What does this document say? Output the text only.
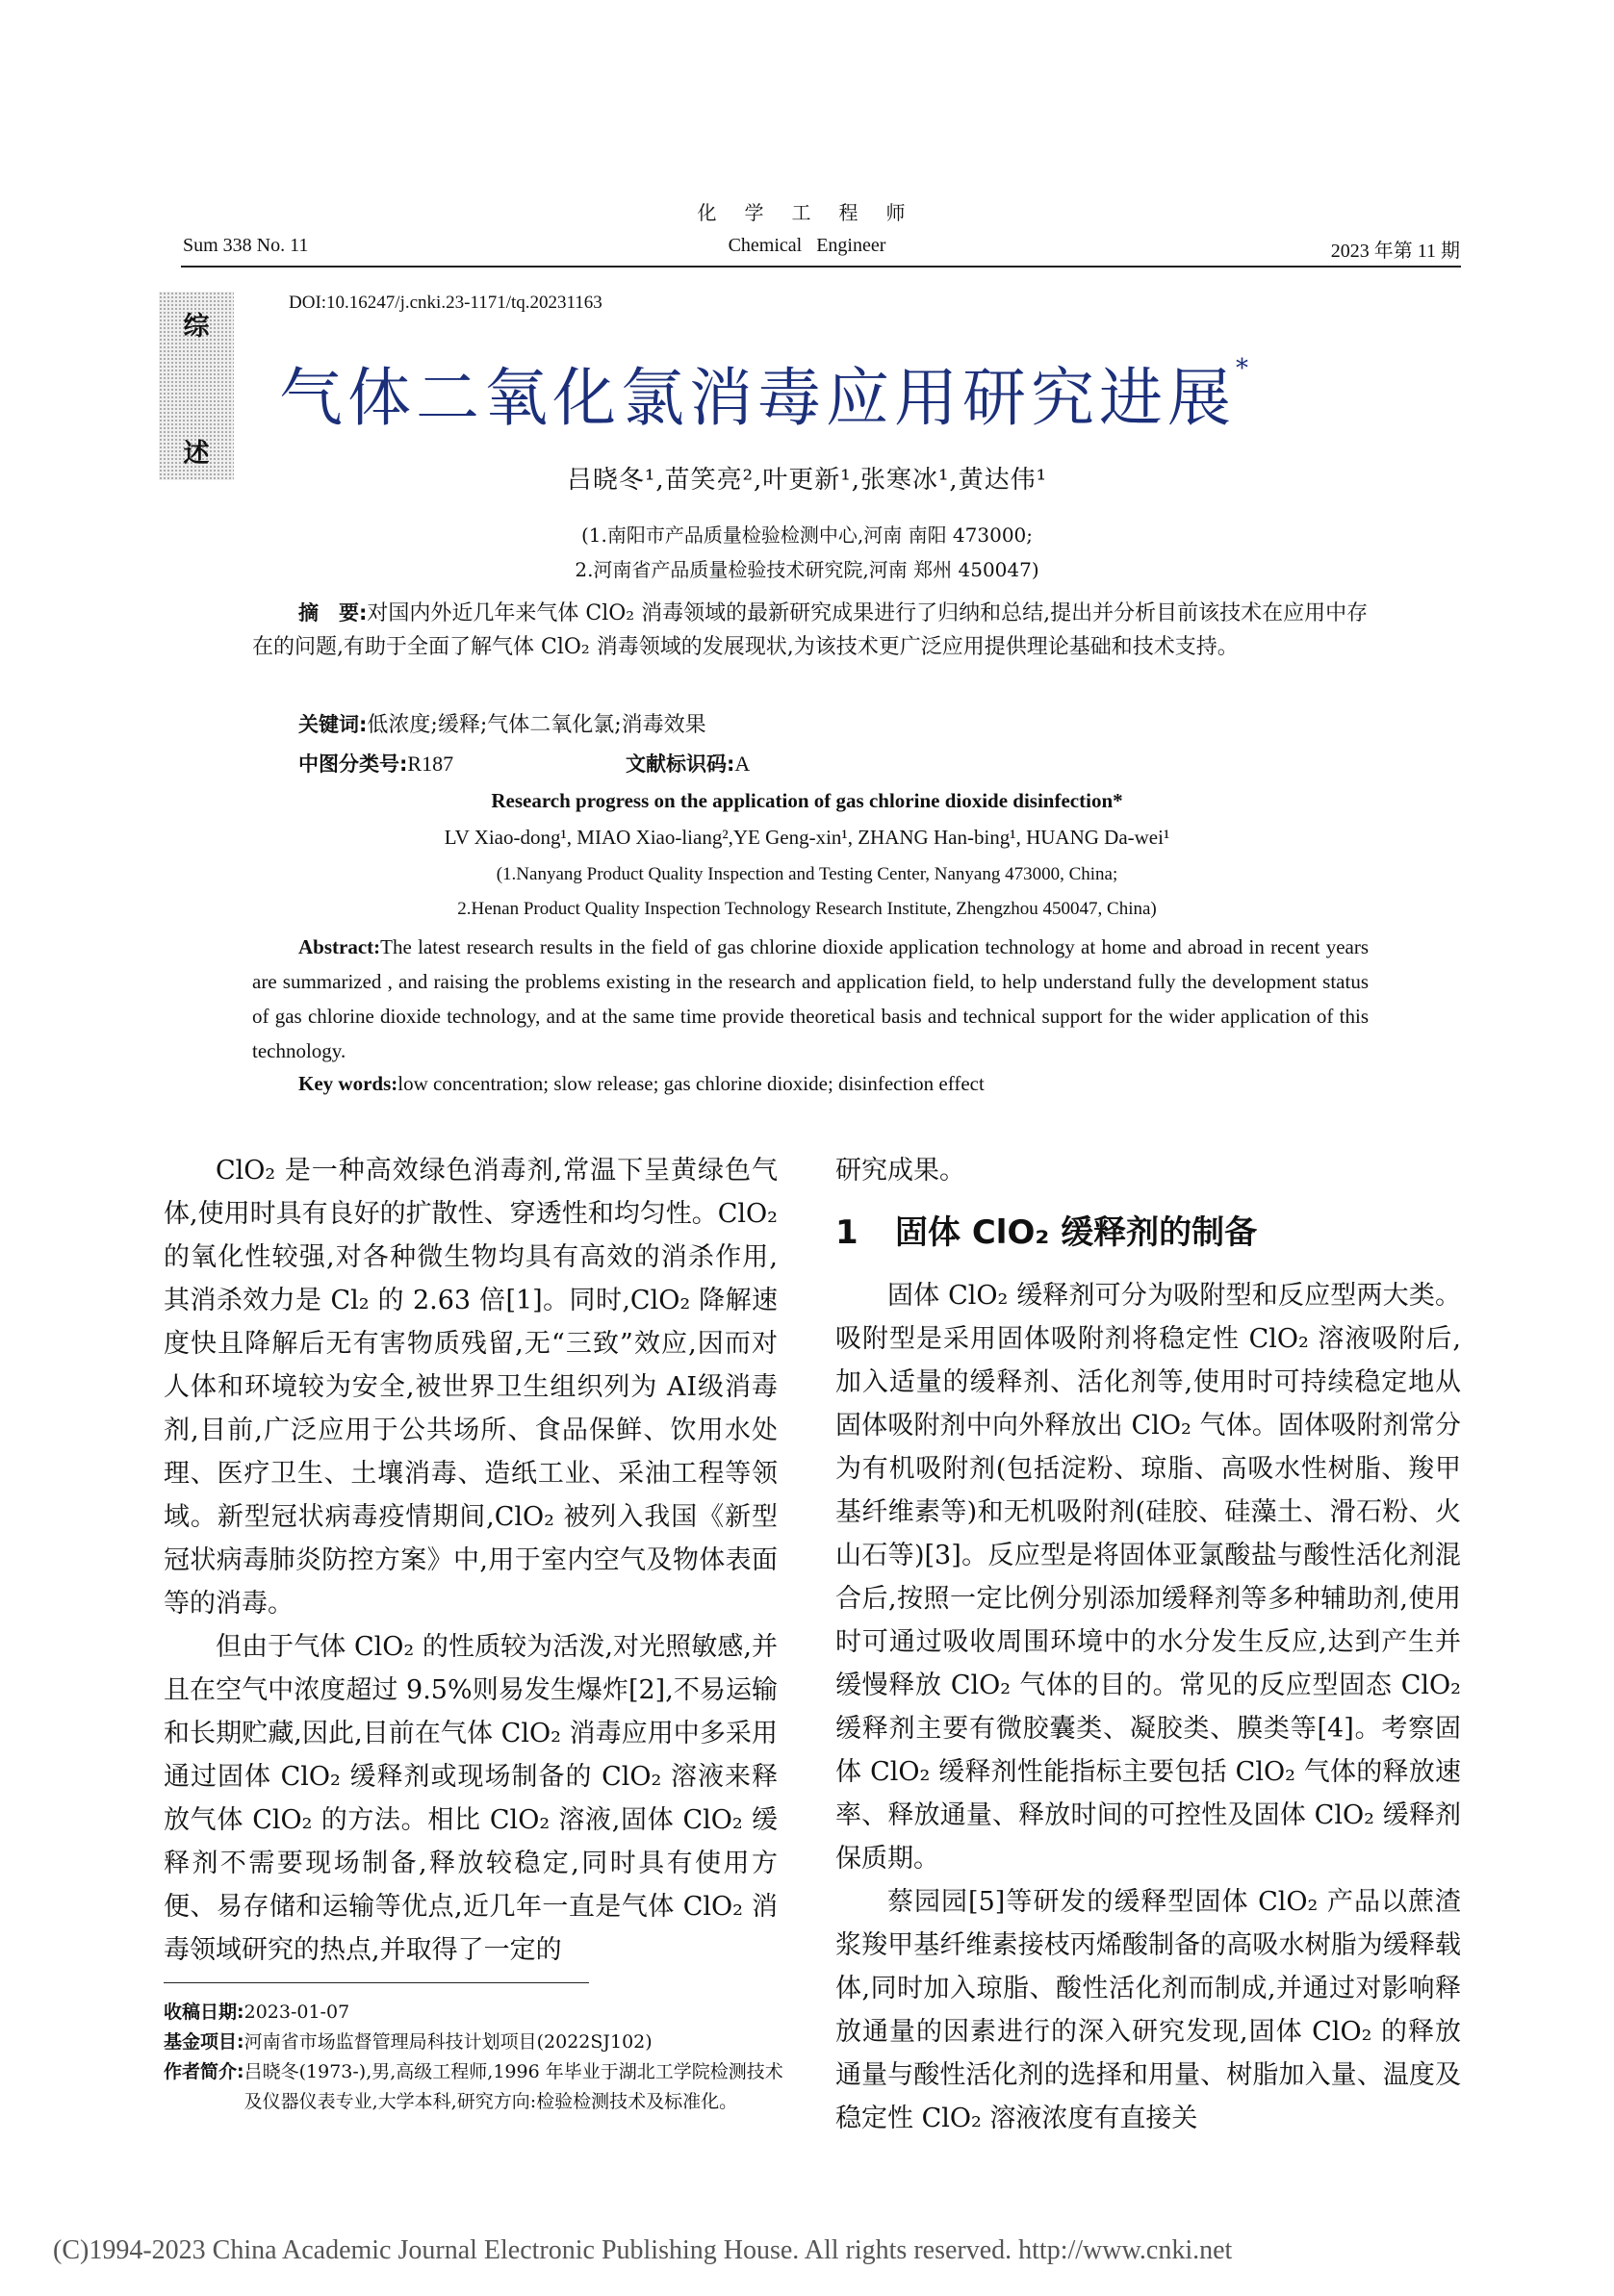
化 学 工 程 师
Chemical Engineer
Sum 338 No. 11	2023 年第 11 期
综
述
DOI:10.16247/j.cnki.23-1171/tq.20231163
气体二氧化氯消毒应用研究进展*
吕晓冬¹,苗笑亮²,叶更新¹,张寒冰¹,黄达伟¹
(1.南阳市产品质量检验检测中心,河南 南阳 473000;
2.河南省产品质量检验技术研究院,河南 郑州 450047)
摘　要:对国内外近几年来气体 ClO₂ 消毒领域的最新研究成果进行了归纳和总结,提出并分析目前该技术在应用中存在的问题,有助于全面了解气体 ClO₂ 消毒领域的发展现状,为该技术更广泛应用提供理论基础和技术支持。
关键词:低浓度;缓释;气体二氧化氯;消毒效果
中图分类号:R187	文献标识码:A
Research progress on the application of gas chlorine dioxide disinfection*
LV Xiao-dong¹, MIAO Xiao-liang²,YE Geng-xin¹, ZHANG Han-bing¹, HUANG Da-wei¹
(1.Nanyang Product Quality Inspection and Testing Center, Nanyang 473000, China;
2.Henan Product Quality Inspection Technology Research Institute, Zhengzhou 450047, China)
Abstract:The latest research results in the field of gas chlorine dioxide application technology at home and abroad in recent years are summarized , and raising the problems existing in the research and application field, to help understand fully the development status of gas chlorine dioxide technology, and at the same time provide theoretical basis and technical support for the wider application of this technology.
Key words:low concentration; slow release; gas chlorine dioxide; disinfection effect

ClO₂ 是一种高效绿色消毒剂,常温下呈黄绿色气体,使用时具有良好的扩散性、穿透性和均匀性。ClO₂ 的氧化性较强,对各种微生物均具有高效的消杀作用,其消杀效力是 Cl₂ 的 2.63 倍[1]。同时,ClO₂ 降解速度快且降解后无有害物质残留,无“三致”效应,因而对人体和环境较为安全,被世界卫生组织列为 AⅠ级消毒剂,目前,广泛应用于公共场所、食品保鲜、饮用水处理、医疗卫生、土壤消毒、造纸工业、采油工程等领域。新型冠状病毒疫情期间,ClO₂ 被列入我国《新型冠状病毒肺炎防控方案》中,用于室内空气及物体表面等的消毒。

但由于气体 ClO₂ 的性质较为活泼,对光照敏感,并且在空气中浓度超过 9.5%则易发生爆炸[2],不易运输和长期贮藏,因此,目前在气体 ClO₂ 消毒应用中多采用通过固体 ClO₂ 缓释剂或现场制备的 ClO₂ 溶液来释放气体 ClO₂ 的方法。相比 ClO₂ 溶液,固体 ClO₂ 缓释剂不需要现场制备,释放较稳定,同时具有使用方便、易存储和运输等优点,近几年一直是气体 ClO₂ 消毒领域研究的热点,并取得了一定的

研究成果。

1 固体 ClO₂ 缓释剂的制备

固体 ClO₂ 缓释剂可分为吸附型和反应型两大类。吸附型是采用固体吸附剂将稳定性 ClO₂ 溶液吸附后,加入适量的缓释剂、活化剂等,使用时可持续稳定地从固体吸附剂中向外释放出 ClO₂ 气体。固体吸附剂常分为有机吸附剂(包括淀粉、琼脂、高吸水性树脂、羧甲基纤维素等)和无机吸附剂(硅胶、硅藻土、滑石粉、火山石等)[3]。反应型是将固体亚氯酸盐与酸性活化剂混合后,按照一定比例分别添加缓释剂等多种辅助剂,使用时可通过吸收周围环境中的水分发生反应,达到产生并缓慢释放 ClO₂ 气体的目的。常见的反应型固态 ClO₂ 缓释剂主要有微胶囊类、凝胶类、膜类等[4]。考察固体 ClO₂ 缓释剂性能指标主要包括 ClO₂ 气体的释放速率、释放通量、释放时间的可控性及固体 ClO₂ 缓释剂保质期。

蔡园园[5]等研发的缓释型固体 ClO₂ 产品以蔗渣浆羧甲基纤维素接枝丙烯酸制备的高吸水树脂为缓释载体,同时加入琼脂、酸性活化剂而制成,并通过对影响释放通量的因素进行的深入研究发现,固体 ClO₂ 的释放通量与酸性活化剂的选择和用量、树脂加入量、温度及稳定性 ClO₂ 溶液浓度有直接关

收稿日期: 2023-01-07
基金项目: 河南省市场监督管理局科技计划项目(2022SJ102)
作者简介: 吕晓冬(1973-),男,高级工程师,1996 年毕业于湖北工学院检测技术及仪器仪表专业,大学本科,研究方向:检验检测技术及标准化。
(C)1994-2023 China Academic Journal Electronic Publishing House. All rights reserved. http://www.cnki.net
